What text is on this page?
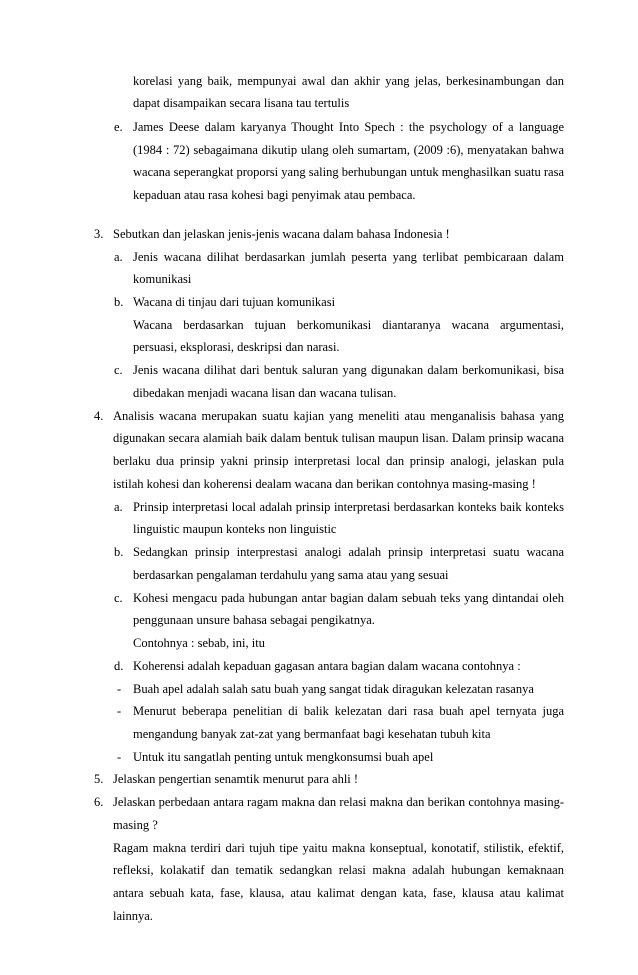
korelasi yang baik, mempunyai awal dan akhir yang jelas, berkesinambungan dan
dapat disampaikan secara lisana tau tertulis
e. James Deese dalam karyanya Thought Into Spech : the psychology of a language
(1984 : 72) sebagaimana dikutip ulang oleh sumartam, (2009 :6), menyatakan bahwa
wacana seperangkat proporsi yang saling berhubungan untuk menghasilkan suatu rasa
kepaduan atau rasa kohesi bagi penyimak atau pembaca.
3. Sebutkan dan jelaskan jenis-jenis wacana dalam bahasa Indonesia !
a. Jenis wacana dilihat berdasarkan jumlah peserta yang terlibat pembicaraan dalam
komunikasi
b. Wacana di tinjau dari tujuan komunikasi
Wacana berdasarkan tujuan berkomunikasi diantaranya wacana argumentasi,
persuasi, eksplorasi, deskripsi dan narasi.
c. Jenis wacana dilihat dari bentuk saluran yang digunakan dalam berkomunikasi, bisa
dibedakan menjadi wacana lisan dan wacana tulisan.
4. Analisis wacana merupakan suatu kajian yang meneliti atau menganalisis bahasa yang
digunakan secara alamiah baik dalam bentuk tulisan maupun lisan. Dalam prinsip wacana
berlaku dua prinsip yakni prinsip interpretasi local dan prinsip analogi, jelaskan pula
istilah kohesi dan koherensi dealam wacana dan berikan contohnya masing-masing !
a. Prinsip interpretasi local adalah prinsip interpretasi berdasarkan konteks baik konteks
linguistic maupun konteks non linguistic
b. Sedangkan prinsip interprestasi analogi adalah prinsip interpretasi suatu wacana
berdasarkan pengalaman terdahulu yang sama atau yang sesuai
c. Kohesi mengacu pada hubungan antar bagian dalam sebuah teks yang dintandai oleh
penggunaan unsure bahasa sebagai pengikatnya.
Contohnya : sebab, ini, itu
d. Koherensi adalah kepaduan gagasan antara bagian dalam wacana contohnya :
- Buah apel adalah salah satu buah yang sangat tidak diragukan kelezatan rasanya
- Menurut beberapa penelitian di balik kelezatan dari rasa buah apel ternyata juga
mengandung banyak zat-zat yang bermanfaat bagi kesehatan tubuh kita
- Untuk itu sangatlah penting untuk mengkonsumsi buah apel
5. Jelaskan pengertian senamtik menurut para ahli !
6. Jelaskan perbedaan antara ragam makna dan relasi makna dan berikan contohnya masing-
masing ?
Ragam makna terdiri dari tujuh tipe yaitu makna konseptual, konotatif, stilistik, efektif,
refleksi, kolakatif dan tematik sedangkan relasi makna adalah hubungan kemaknaan
antara sebuah kata, fase, klausa, atau kalimat dengan kata, fase, klausa atau kalimat
lainnya.
